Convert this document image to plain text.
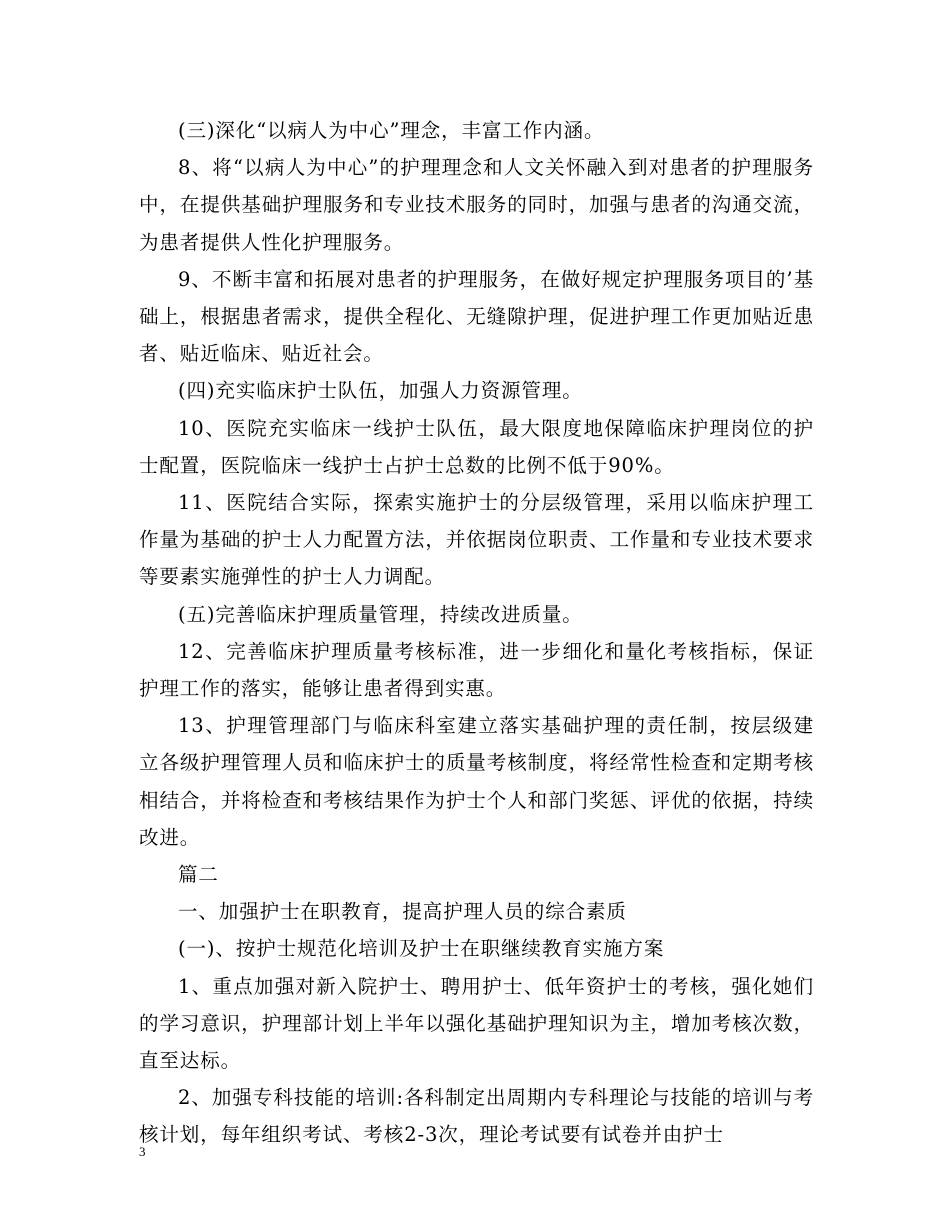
(三)深化“以病人为中心”理念，丰富工作内涵。

8、将“以病人为中心”的护理理念和人文关怀融入到对患者的护理服务中，在提供基础护理服务和专业技术服务的同时，加强与患者的沟通交流，为患者提供人性化护理服务。

9、不断丰富和拓展对患者的护理服务，在做好规定护理服务项目的’基础上，根据患者需求，提供全程化、无缝隙护理，促进护理工作更加贴近患者、贴近临床、贴近社会。

(四)充实临床护士队伍，加强人力资源管理。

10、医院充实临床一线护士队伍，最大限度地保障临床护理岗位的护士配置，医院临床一线护士占护士总数的比例不低于90%。

11、医院结合实际，探索实施护士的分层级管理，采用以临床护理工作量为基础的护士人力配置方法，并依据岗位职责、工作量和专业技术要求等要素实施弹性的护士人力调配。

(五)完善临床护理质量管理，持续改进质量。

12、完善临床护理质量考核标准，进一步细化和量化考核指标，保证护理工作的落实，能够让患者得到实惠。

13、护理管理部门与临床科室建立落实基础护理的责任制，按层级建立各级护理管理人员和临床护士的质量考核制度，将经常性检查和定期考核相结合，并将检查和考核结果作为护士个人和部门奖惩、评优的依据，持续改进。

篇二

一、加强护士在职教育，提高护理人员的综合素质

(一)、按护士规范化培训及护士在职继续教育实施方案

1、重点加强对新入院护士、聘用护士、低年资护士的考核，强化她们的学习意识，护理部计划上半年以强化基础护理知识为主，增加考核次数，直至达标。

2、加强专科技能的培训:各科制定出周期内专科理论与技能的培训与考核计划，每年组织考试、考核2-3次，理论考试要有试卷并由护士

3
